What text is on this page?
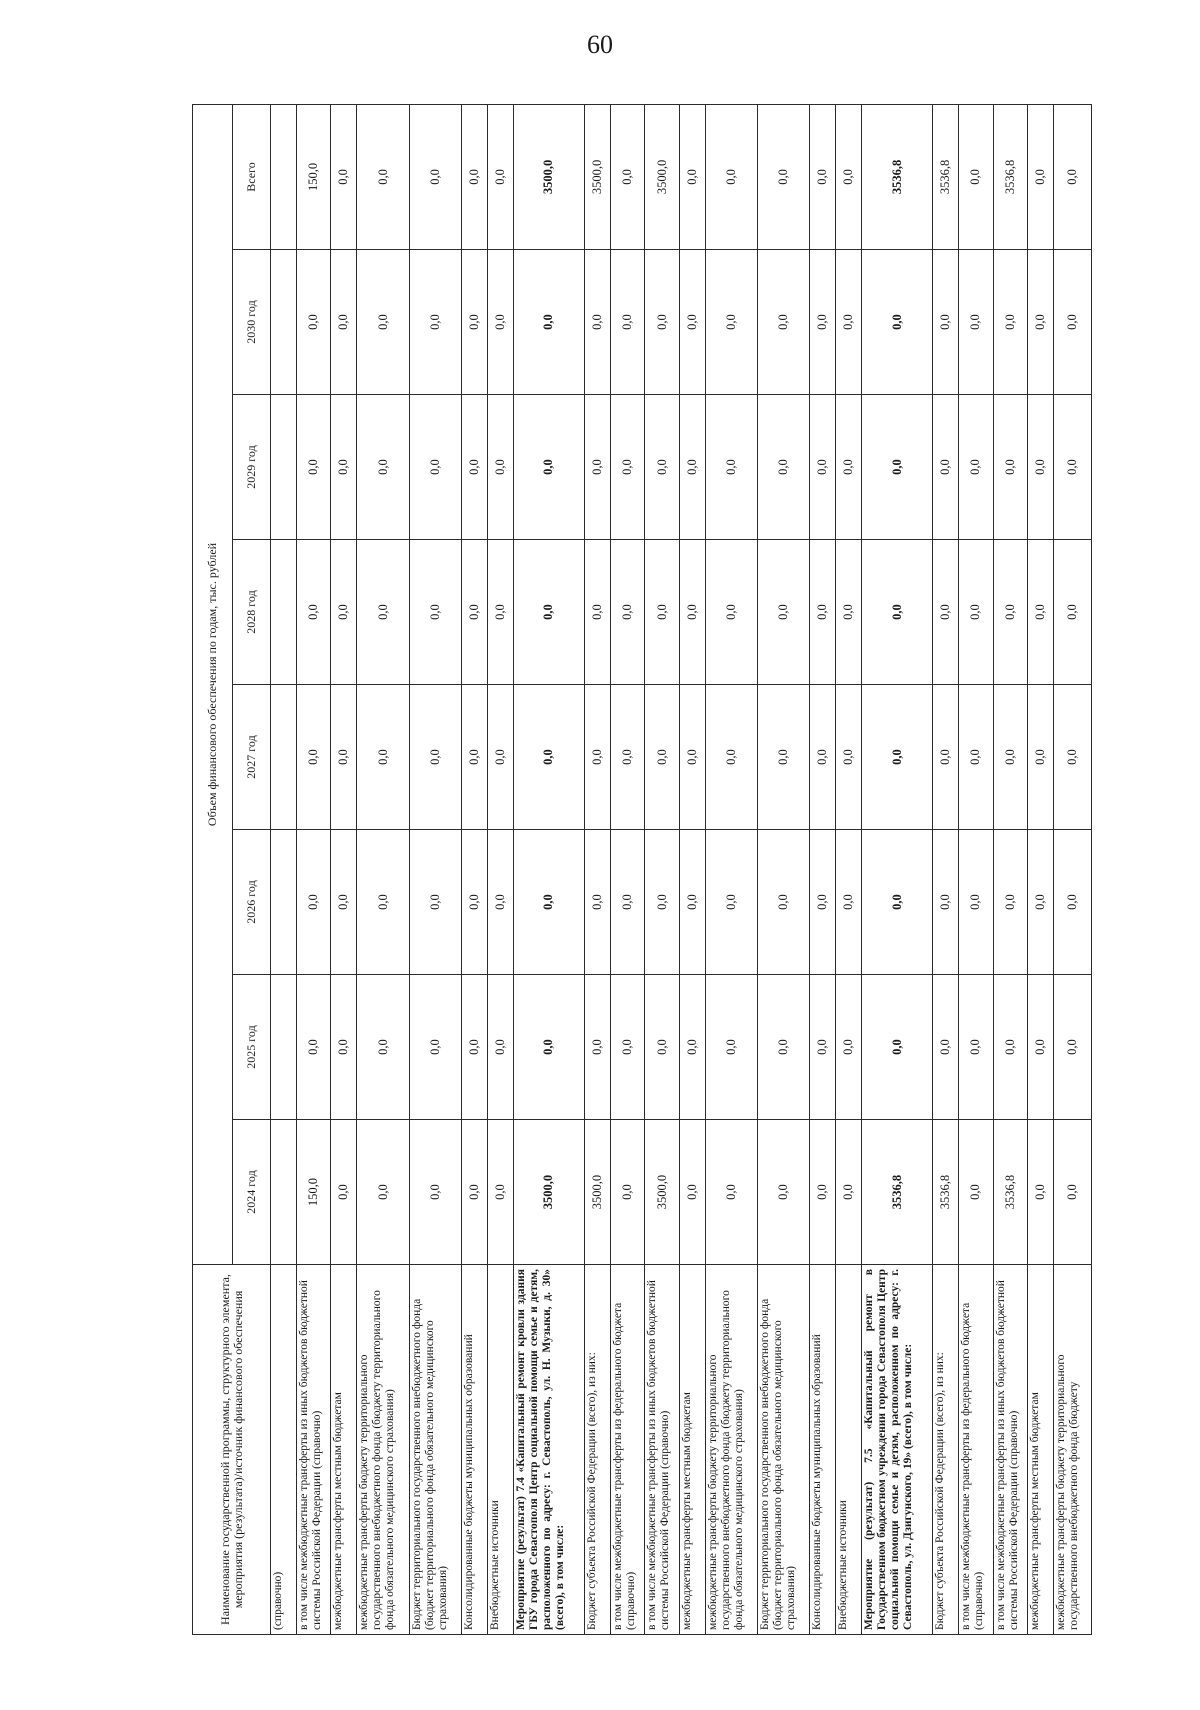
60
Наименование государственной программы, структурного элемента, мероприятия (результата)/источник финансового обеспечения	Объем финансового обеспечения по годам, тыс. рублей							
	2024 год	2025 год	2026 год	2027 год	2028 год	2029 год	2030 год	Всего
(справочно)								
в том числе межбюджетные трансферты из иных бюджетов бюджетной системы Российской Федерации (справочно)	150,0	0,0	0,0	0,0	0,0	0,0	0,0	150,0
межбюджетные трансферты местным бюджетам	0,0	0,0	0,0	0,0	0,0	0,0	0,0	0,0
межбюджетные трансферты бюджету территориального государственного внебюджетного фонда (бюджету территориального фонда обязательного медицинского страхования)	0,0	0,0	0,0	0,0	0,0	0,0	0,0	0,0
Бюджет территориального государственного внебюджетного фонда (бюджет территориального фонда обязательного медицинского страхования)	0,0	0,0	0,0	0,0	0,0	0,0	0,0	0,0
Консолидированные бюджеты муниципальных образований	0,0	0,0	0,0	0,0	0,0	0,0	0,0	0,0
Внебюджетные источники	0,0	0,0	0,0	0,0	0,0	0,0	0,0	0,0
Мероприятие (результат) 7.4 «Капитальный ремонт кровли здания ГБУ города Севастополя Центр социальной помощи семье и детям, расположенного по адресу: г. Севастополь, ул. Н. Музыки, д. 30» (всего), в том числе:	3500,0	0,0	0,0	0,0	0,0	0,0	0,0	3500,0
Бюджет субъекта Российской Федерации (всего), из них:	3500,0	0,0	0,0	0,0	0,0	0,0	0,0	3500,0
в том числе межбюджетные трансферты из федерального бюджета (справочно)	0,0	0,0	0,0	0,0	0,0	0,0	0,0	0,0
в том числе межбюджетные трансферты из иных бюджетов бюджетной системы Российской Федерации (справочно)	3500,0	0,0	0,0	0,0	0,0	0,0	0,0	3500,0
межбюджетные трансферты местным бюджетам	0,0	0,0	0,0	0,0	0,0	0,0	0,0	0,0
межбюджетные трансферты бюджету территориального государственного внебюджетного фонда (бюджету территориального фонда обязательного медицинского страхования)	0,0	0,0	0,0	0,0	0,0	0,0	0,0	0,0
Бюджет территориального государственного внебюджетного фонда (бюджет территориального фонда обязательного медицинского страхования)	0,0	0,0	0,0	0,0	0,0	0,0	0,0	0,0
Консолидированные бюджеты муниципальных образований	0,0	0,0	0,0	0,0	0,0	0,0	0,0	0,0
Внебюджетные источники	0,0	0,0	0,0	0,0	0,0	0,0	0,0	0,0
Мероприятие (результат) 7.5 «Капитальный ремонт в Государственном бюджетном учреждении города Севастополя Центр социальной помощи семье и детям, расположенном по адресу: г. Севастополь, ул. Дзигунского, 19» (всего), в том числе:	3536,8	0,0	0,0	0,0	0,0	0,0	0,0	3536,8
Бюджет субъекта Российской Федерации (всего), из них:	3536,8	0,0	0,0	0,0	0,0	0,0	0,0	3536,8
в том числе межбюджетные трансферты из федерального бюджета (справочно)	0,0	0,0	0,0	0,0	0,0	0,0	0,0	0,0
в том числе межбюджетные трансферты из иных бюджетов бюджетной системы Российской Федерации (справочно)	3536,8	0,0	0,0	0,0	0,0	0,0	0,0	3536,8
межбюджетные трансферты местным бюджетам	0,0	0,0	0,0	0,0	0,0	0,0	0,0	0,0
межбюджетные трансферты бюджету территориального государственного внебюджетного фонда (бюджету	0,0	0,0	0,0	0,0	0,0	0,0	0,0	0,0
